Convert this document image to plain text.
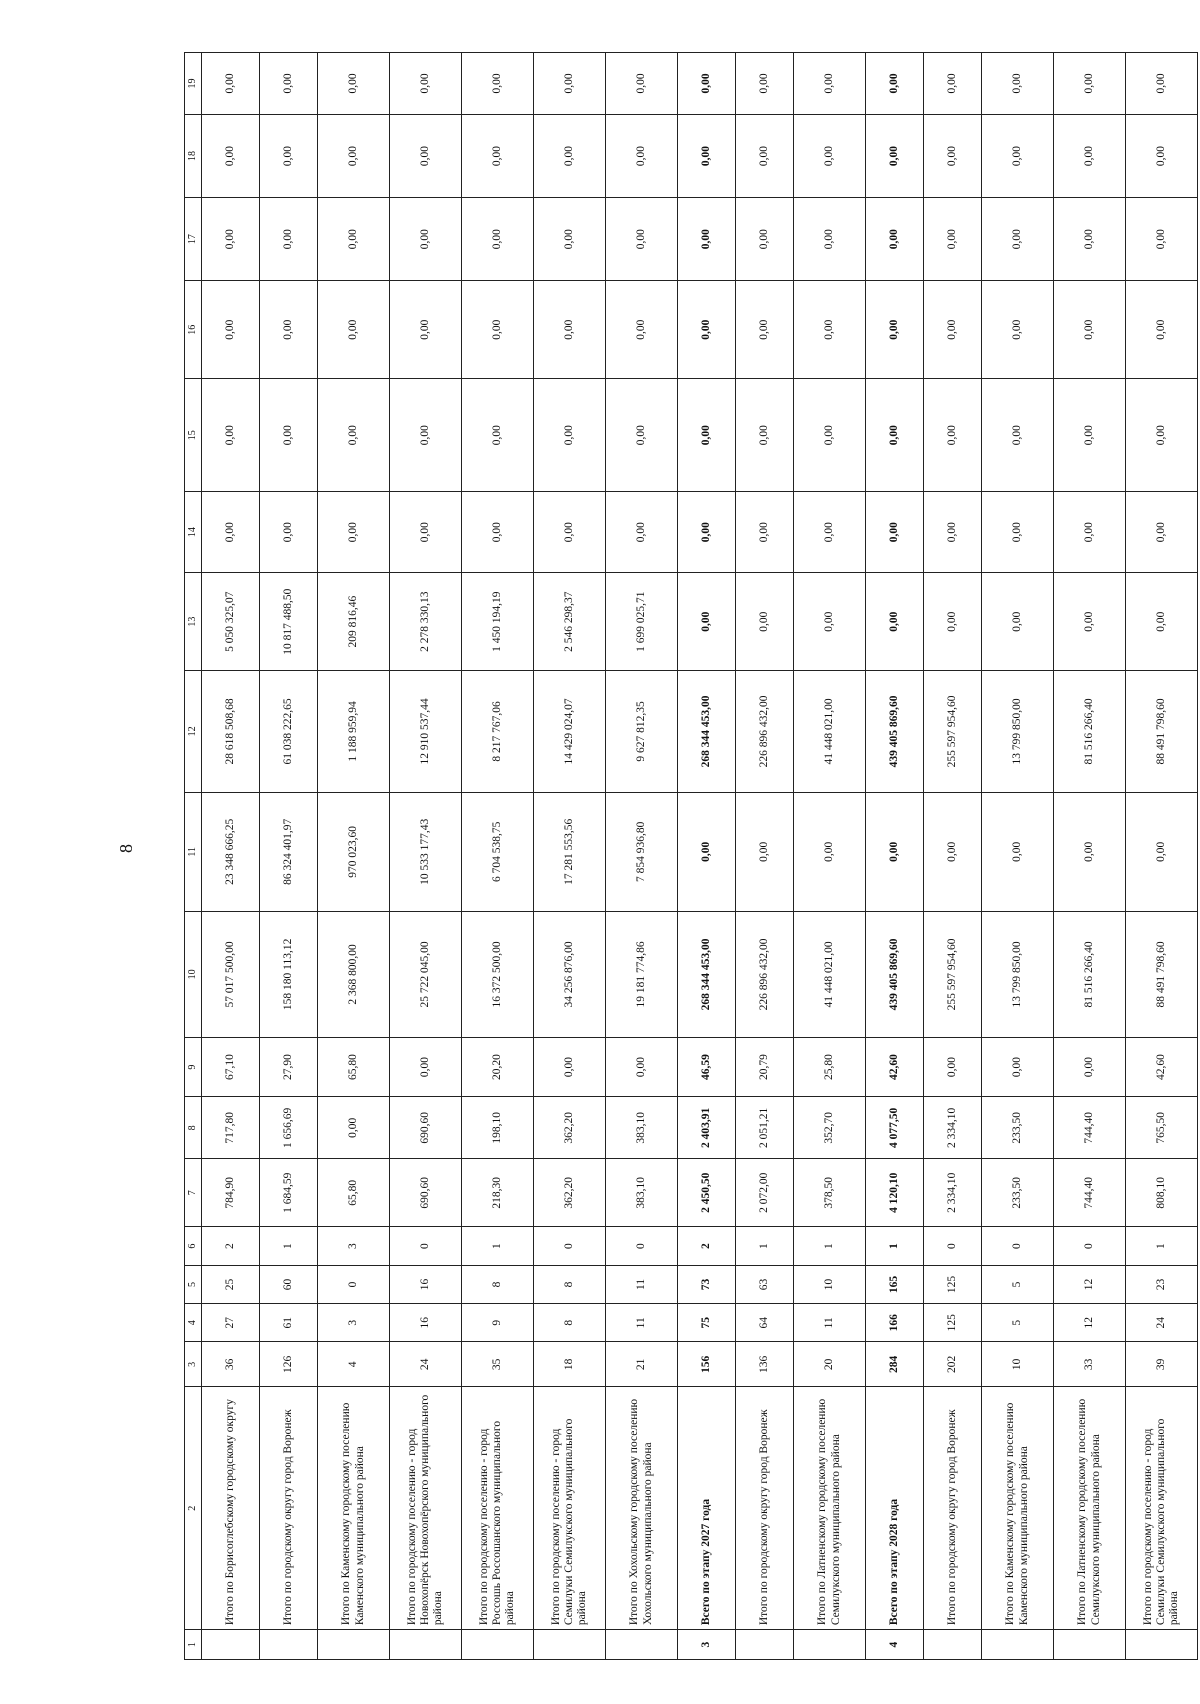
8
1	2	3	4	5	6	7	8	9	10	11	12	13	14	15	16	17	18	19
	Итого по Борисоглебскому городскому округу	36	27	25	2	784,90	717,80	67,10	57 017 500,00	23 348 666,25	28 618 508,68	5 050 325,07	0,00	0,00	0,00	0,00	0,00	0,00
	Итого по городскому округу город Воронеж	126	61	60	1	1 684,59	1 656,69	27,90	158 180 113,12	86 324 401,97	61 038 222,65	10 817 488,50	0,00	0,00	0,00	0,00	0,00	0,00
	Итого по Каменскому городскому поселению Каменского муниципального района	4	3	0	3	65,80	0,00	65,80	2 368 800,00	970 023,60	1 188 959,94	209 816,46	0,00	0,00	0,00	0,00	0,00	0,00
	Итого по городскому поселению - город Новохопёрск Новохопёрского муниципального района	24	16	16	0	690,60	690,60	0,00	25 722 045,00	10 533 177,43	12 910 537,44	2 278 330,13	0,00	0,00	0,00	0,00	0,00	0,00
	Итого по городскому поселению - город Россошь Россошанского муниципального района	35	9	8	1	218,30	198,10	20,20	16 372 500,00	6 704 538,75	8 217 767,06	1 450 194,19	0,00	0,00	0,00	0,00	0,00	0,00
	Итого по городскому поселению - город Семилуки Семилукского муниципального района	18	8	8	0	362,20	362,20	0,00	34 256 876,00	17 281 553,56	14 429 024,07	2 546 298,37	0,00	0,00	0,00	0,00	0,00	0,00
	Итого по Хохольскому городскому поселению Хохольского муниципального района	21	11	11	0	383,10	383,10	0,00	19 181 774,86	7 854 936,80	9 627 812,35	1 699 025,71	0,00	0,00	0,00	0,00	0,00	0,00
3	Всего по этапу 2027 года	156	75	73	2	2 450,50	2 403,91	46,59	268 344 453,00	0,00	268 344 453,00	0,00	0,00	0,00	0,00	0,00	0,00	0,00
	Итого по городскому округу город Воронеж	136	64	63	1	2 072,00	2 051,21	20,79	226 896 432,00	0,00	226 896 432,00	0,00	0,00	0,00	0,00	0,00	0,00	0,00
	Итого по Латненскому городскому поселению Семилукского муниципального района	20	11	10	1	378,50	352,70	25,80	41 448 021,00	0,00	41 448 021,00	0,00	0,00	0,00	0,00	0,00	0,00	0,00
4	Всего по этапу 2028 года	284	166	165	1	4 120,10	4 077,50	42,60	439 405 869,60	0,00	439 405 869,60	0,00	0,00	0,00	0,00	0,00	0,00	0,00
	Итого по городскому округу город Воронеж	202	125	125	0	2 334,10	2 334,10	0,00	255 597 954,60	0,00	255 597 954,60	0,00	0,00	0,00	0,00	0,00	0,00	0,00
	Итого по Каменскому городскому поселению Каменского муниципального района	10	5	5	0	233,50	233,50	0,00	13 799 850,00	0,00	13 799 850,00	0,00	0,00	0,00	0,00	0,00	0,00	0,00
	Итого по Латненскому городскому поселению Семилукского муниципального района	33	12	12	0	744,40	744,40	0,00	81 516 266,40	0,00	81 516 266,40	0,00	0,00	0,00	0,00	0,00	0,00	0,00
	Итого по городскому поселению - город Семилуки Семилукского муниципального района	39	24	23	1	808,10	765,50	42,60	88 491 798,60	0,00	88 491 798,60	0,00	0,00	0,00	0,00	0,00	0,00	0,00
